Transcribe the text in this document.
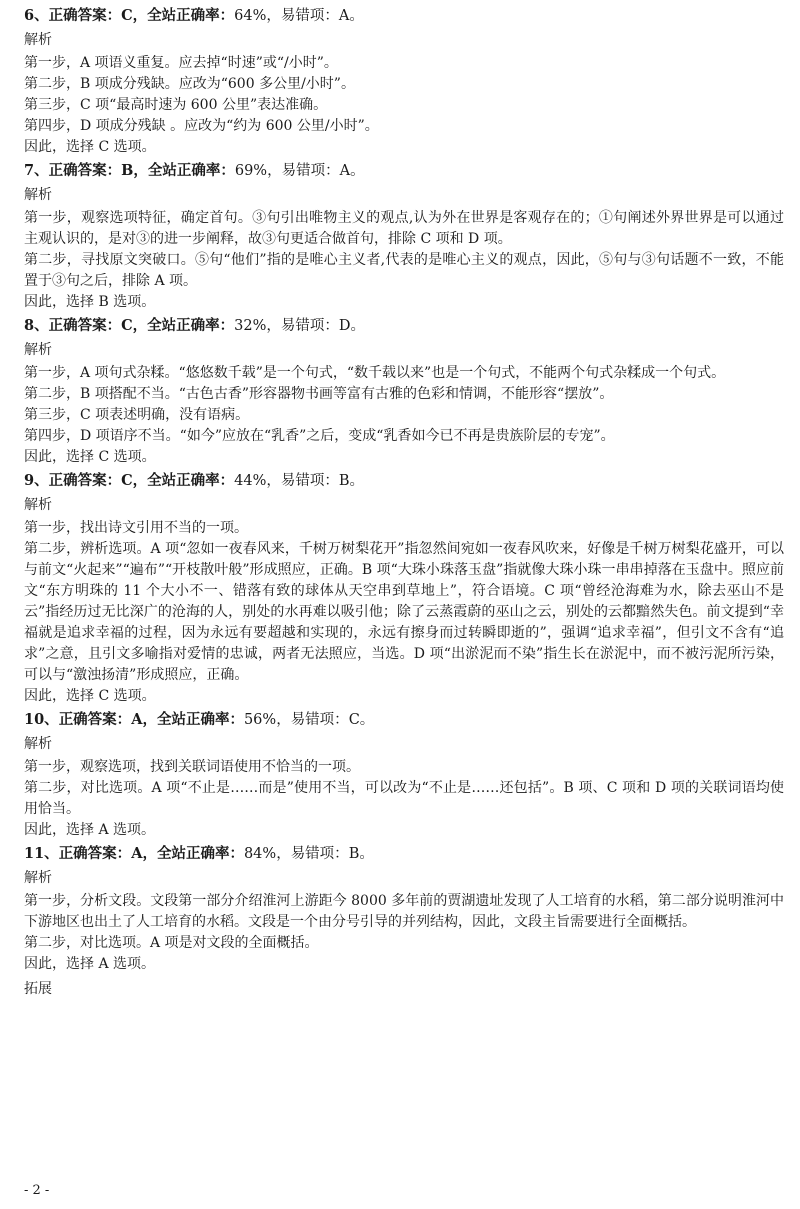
6、正确答案：C，全站正确率：64%，易错项：A。
解析
第一步，A 项语义重复。应去掉“时速”或“/小时”。
第二步，B 项成分残缺。应改为“600 多公里/小时”。
第三步，C 项“最高时速为 600 公里”表达准确。
第四步，D 项成分残缺 。应改为“约为 600 公里/小时”。
因此，选择 C 选项。
7、正确答案：B，全站正确率：69%，易错项：A。
解析
第一步，观察选项特征，确定首句。③句引出唯物主义的观点,认为外在世界是客观存在的；①句阐述外界世界是可以通过主观认识的，是对③的进一步阐释，故③句更适合做首句，排除 C 项和 D 项。
第二步，寻找原文突破口。⑤句“他们”指的是唯心主义者,代表的是唯心主义的观点，因此，⑤句与③句话题不一致，不能置于③句之后，排除 A 项。
因此，选择 B 选项。
8、正确答案：C，全站正确率：32%，易错项：D。
解析
第一步，A 项句式杂糅。“悠悠数千载”是一个句式，“数千载以来”也是一个句式，不能两个句式杂糅成一个句式。
第二步，B 项搭配不当。“古色古香”形容器物书画等富有古雅的色彩和情调，不能形容“摆放”。
第三步，C 项表述明确，没有语病。
第四步，D 项语序不当。“如今”应放在“乳香”之后，变成“乳香如今已不再是贵族阶层的专宠”。
因此，选择 C 选项。
9、正确答案：C，全站正确率：44%，易错项：B。
解析
第一步，找出诗文引用不当的一项。
第二步，辨析选项。A 项“忽如一夜春风来，千树万树梨花开”指忽然间宛如一夜春风吹来，好像是千树万树梨花盛开，可以与前文“火起来”“遍布”“开枝散叶般”形成照应，正确。B 项“大珠小珠落玉盘”指就像大珠小珠一串串掉落在玉盘中。照应前文“东方明珠的 11 个大小不一、错落有致的球体从天空串到草地上”，符合语境。C 项“曾经沧海难为水，除去巫山不是云”指经历过无比深广的沧海的人，别处的水再难以吸引他；除了云蒸霞蔚的巫山之云，别处的云都黯然失色。前文提到“幸福就是追求幸福的过程，因为永远有要超越和实现的，永远有擦身而过转瞬即逝的”，强调“追求幸福”，但引文不含有“追求”之意，且引文多喻指对爱情的忠诚，两者无法照应，当选。D 项“出淤泥而不染”指生长在淤泥中，而不被污泥所污染，可以与“激浊扬清”形成照应，正确。
因此，选择 C 选项。
10、正确答案：A，全站正确率：56%，易错项：C。
解析
第一步，观察选项，找到关联词语使用不恰当的一项。
第二步，对比选项。A 项“不止是……而是”使用不当，可以改为“不止是……还包括”。B 项、C 项和 D 项的关联词语均使用恰当。
因此，选择 A 选项。
11、正确答案：A，全站正确率：84%，易错项：B。
解析
第一步，分析文段。文段第一部分介绍淮河上游距今 8000 多年前的贾湖遗址发现了人工培育的水稻，第二部分说明淮河中下游地区也出土了人工培育的水稻。文段是一个由分号引导的并列结构，因此，文段主旨需要进行全面概括。
第二步，对比选项。A 项是对文段的全面概括。
因此，选择 A 选项。
拓展
- 2 -
